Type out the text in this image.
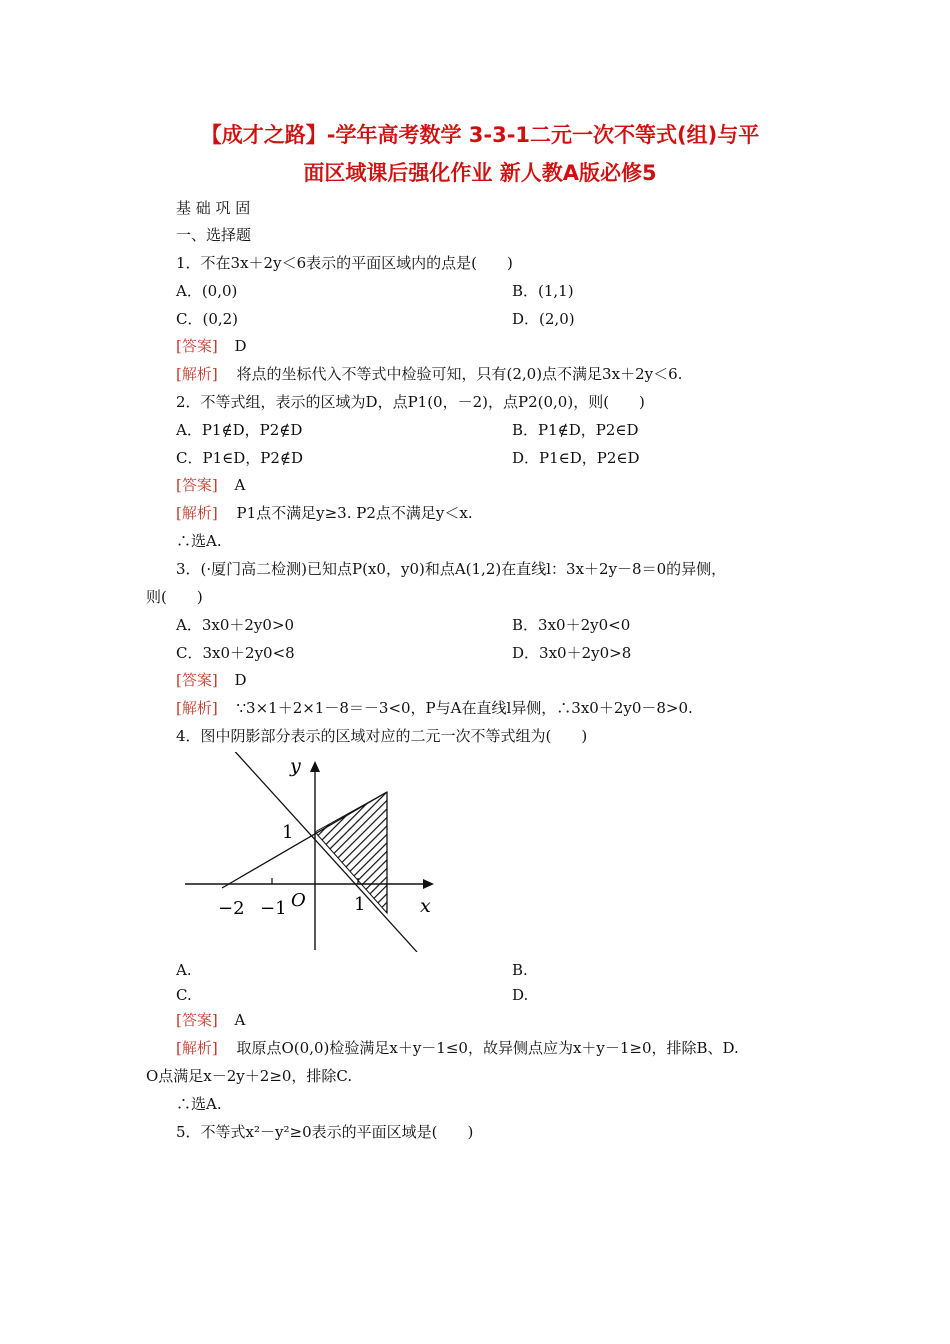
【成才之路】-学年高考数学 3-3-1二元一次不等式(组)与平
面区域课后强化作业 新人教A版必修5
基 础 巩 固
一、选择题
1．不在3x＋2y＜6表示的平面区域内的点是(　　)
A．(0,0)	B．(1,1)
C．(0,2)	D．(2,0)
[答案] D
[解析] 将点的坐标代入不等式中检验可知，只有(2,0)点不满足3x＋2y＜6.
2．不等式组，表示的区域为D，点P1(0，－2)，点P2(0,0)，则(　　)
A．P1∉D，P2∉D	B．P1∉D，P2∈D
C．P1∈D，P2∉D	D．P1∈D，P2∈D
[答案] A
[解析] P1点不满足y≥3. P2点不满足y＜x.
∴选A.
3．(·厦门高二检测)已知点P(x0，y0)和点A(1,2)在直线l：3x＋2y－8＝0的异侧，
则(　　)
A．3x0＋2y0>0	B．3x0＋2y0<0
C．3x0＋2y0<8	D．3x0＋2y0>8
[答案] D
[解析] ∵3×1＋2×1－8＝－3<0，P与A在直线l异侧，∴3x0＋2y0－8>0.
4．图中阴影部分表示的区域对应的二元一次不等式组为(　　)
y
x
O
1
1
−1
−2
A.	B.
C.	D.
[答案] A
[解析] 取原点O(0,0)检验满足x＋y－1≤0，故异侧点应为x＋y－1≥0，排除B、D.
O点满足x－2y＋2≥0，排除C.
∴选A.
5．不等式x²－y²≥0表示的平面区域是(　　)
